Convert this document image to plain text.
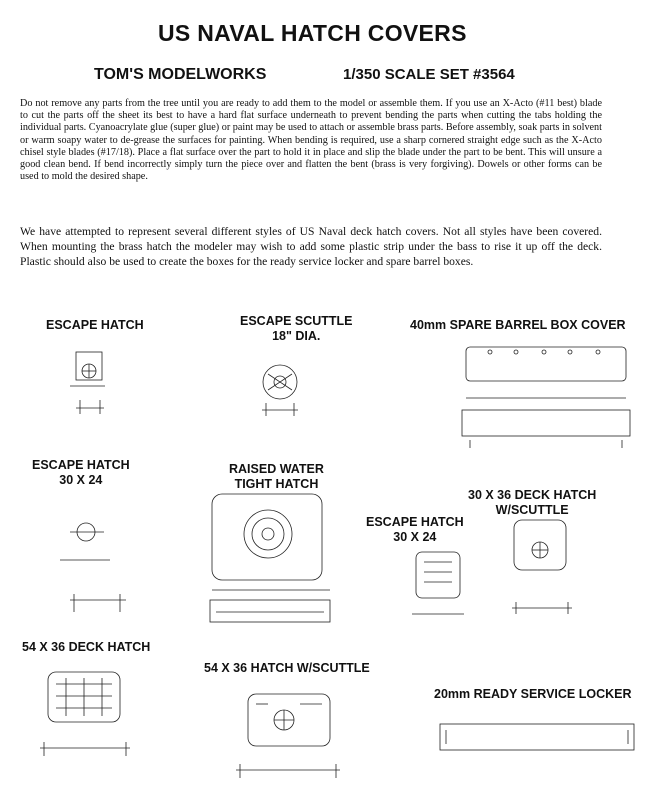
US NAVAL HATCH COVERS
TOM'S MODELWORKS	1/350 SCALE SET #3564
Do not remove any parts from the tree until you are ready to add them to the model or assemble them. If you use an X-Acto (#11 best) blade to cut the parts off the sheet its best to have a hard flat surface underneath to prevent bending the parts when cutting the tabs holding the individual parts. Cyanoacrylate glue (super glue) or paint may be used to attach or assemble brass parts. Before assembly, soak parts in solvent or warm soapy water to de-grease the surfaces for painting. When bending is required, use a sharp cornered straight edge such as the X-Acto chisel style blades (#17/18). Place a flat surface over the part to hold it in place and slip the blade under the part to be bent. This will unsure a good clean bend. If bend incorrectly simply turn the piece over and flatten the bent (brass is very forgiving). Dowels or other forms can be used to mold the desired shape.
We have attempted to represent several different styles of US Naval deck hatch covers. Not all styles have been covered. When mounting the brass hatch the modeler may wish to add some plastic strip under the bass to rise it up off the deck. Plastic should also be used to create the boxes for the ready service locker and spare barrel boxes.
ESCAPE HATCH	ESCAPE SCUTTLE
18" DIA.
40mm SPARE BARREL BOX COVER
ESCAPE HATCH
30 X 24
RAISED WATER
TIGHT HATCH
ESCAPE HATCH
30 X 24
30 X 36 DECK HATCH
W/SCUTTLE
54 X 36 DECK HATCH
54 X 36 HATCH W/SCUTTLE
20mm READY SERVICE LOCKER
